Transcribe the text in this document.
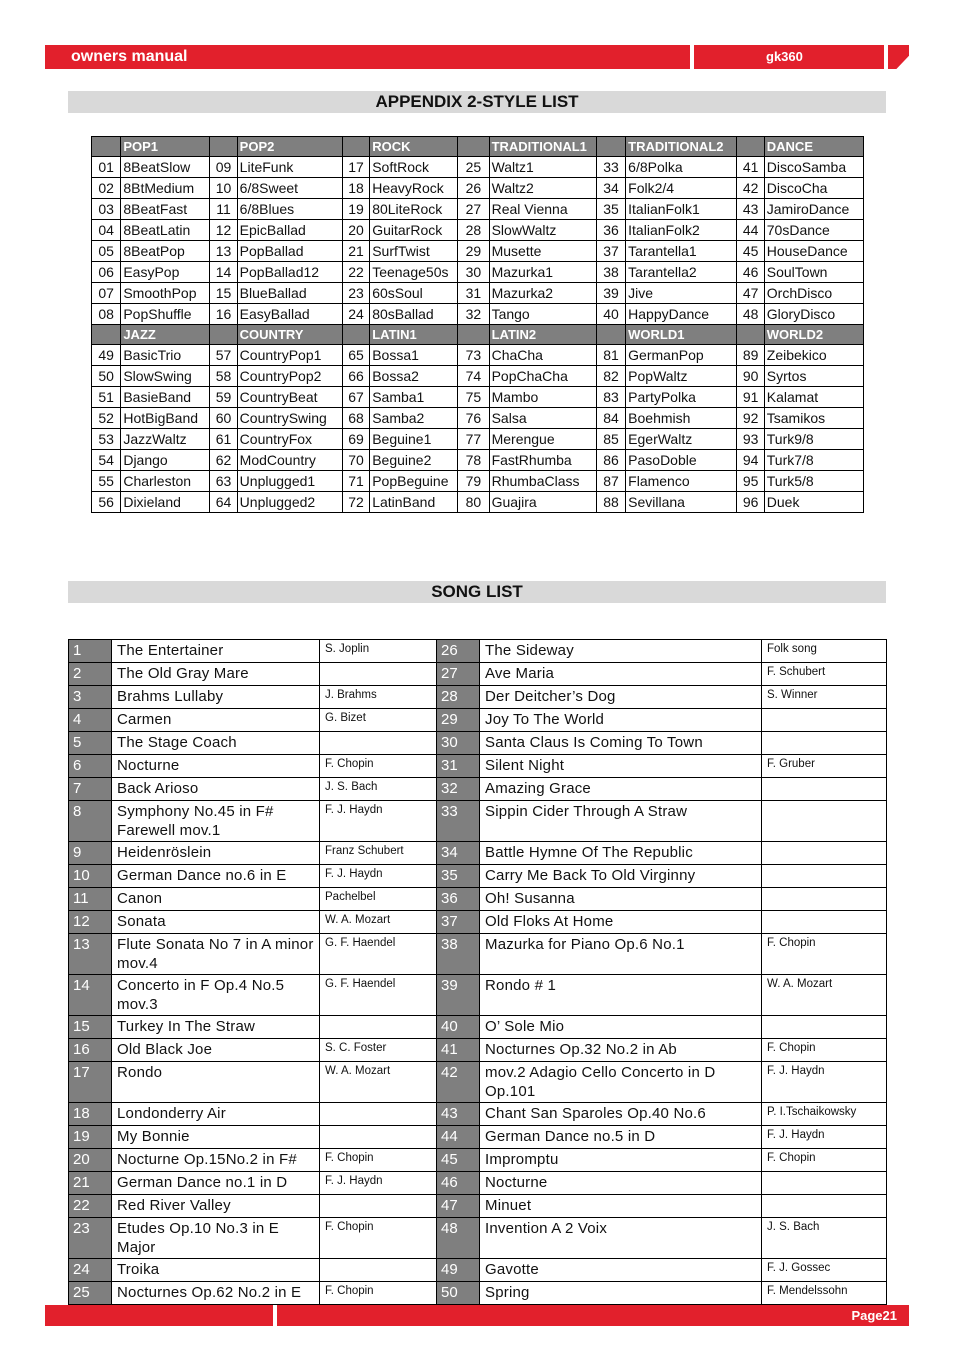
owners manual	gk360
APPENDIX 2-STYLE LIST
	POP1		POP2		ROCK		TRADITIONAL1		TRADITIONAL2		DANCE
01	8BeatSlow	09	LiteFunk	17	SoftRock	25	Waltz1	33	6/8Polka	41	DiscoSamba
02	8BtMedium	10	6/8Sweet	18	HeavyRock	26	Waltz2	34	Folk2/4	42	DiscoCha
03	8BeatFast	11	6/8Blues	19	80LiteRock	27	Real Vienna	35	ItalianFolk1	43	JamiroDance
04	8BeatLatin	12	EpicBallad	20	GuitarRock	28	SlowWaltz	36	ItalianFolk2	44	70sDance
05	8BeatPop	13	PopBallad	21	SurfTwist	29	Musette	37	Tarantella1	45	HouseDance
06	EasyPop	14	PopBallad12	22	Teenage50s	30	Mazurka1	38	Tarantella2	46	SoulTown
07	SmoothPop	15	BlueBallad	23	60sSoul	31	Mazurka2	39	Jive	47	OrchDisco
08	PopShuffle	16	EasyBallad	24	80sBallad	32	Tango	40	HappyDance	48	GloryDisco
	JAZZ		COUNTRY		LATIN1		LATIN2		WORLD1		WORLD2
49	BasicTrio	57	CountryPop1	65	Bossa1	73	ChaCha	81	GermanPop	89	Zeibekico
50	SlowSwing	58	CountryPop2	66	Bossa2	74	PopChaCha	82	PopWaltz	90	Syrtos
51	BasieBand	59	CountryBeat	67	Samba1	75	Mambo	83	PartyPolka	91	Kalamat
52	HotBigBand	60	CountrySwing	68	Samba2	76	Salsa	84	Boehmish	92	Tsamikos
53	JazzWaltz	61	CountryFox	69	Beguine1	77	Merengue	85	EgerWaltz	93	Turk9/8
54	Django	62	ModCountry	70	Beguine2	78	FastRhumba	86	PasoDoble	94	Turk7/8
55	Charleston	63	Unplugged1	71	PopBeguine	79	RhumbaClass	87	Flamenco	95	Turk5/8
56	Dixieland	64	Unplugged2	72	LatinBand	80	Guajira	88	Sevillana	96	Duek
SONG LIST
1	The Entertainer	S. Joplin	26	The Sideway	Folk song
2	The Old Gray Mare		27	Ave Maria	F. Schubert
3	Brahms Lullaby	J. Brahms	28	Der Deitcher’s Dog	S. Winner
4	Carmen	G. Bizet	29	Joy To The World	
5	The Stage Coach		30	Santa Claus Is Coming To Town	
6	Nocturne	F. Chopin	31	Silent Night	F. Gruber
7	Back Arioso	J. S. Bach	32	Amazing Grace	
8	Symphony No.45 in F# Farewell mov.1	F. J. Haydn	33	Sippin Cider Through A Straw	
9	Heidenröslein	Franz Schubert	34	Battle Hymne Of The Republic	
10	German Dance no.6 in E	F. J. Haydn	35	Carry Me Back To Old Virginny	
11	Canon	Pachelbel	36	Oh! Susanna	
12	Sonata	W. A. Mozart	37	Old Floks At Home	
13	Flute Sonata No 7 in A minor mov.4	G. F. Haendel	38	Mazurka for Piano Op.6 No.1	F. Chopin
14	Concerto in F Op.4 No.5 mov.3	G. F. Haendel	39	Rondo # 1	W. A. Mozart
15	Turkey In The Straw		40	O’ Sole Mio	
16	Old Black Joe	S. C. Foster	41	Nocturnes Op.32 No.2 in Ab	F. Chopin
17	Rondo	W. A. Mozart	42	mov.2 Adagio Cello Concerto in D Op.101	F. J. Haydn
18	Londonderry Air		43	Chant San Sparoles Op.40 No.6	P. I.Tschaikowsky
19	My Bonnie		44	German Dance no.5 in D	F. J. Haydn
20	Nocturne Op.15No.2 in F#	F. Chopin	45	Impromptu	F. Chopin
21	German Dance no.1 in D	F. J. Haydn	46	Nocturne	
22	Red River Valley		47	Minuet	
23	Etudes Op.10 No.3 in E Major	F. Chopin	48	Invention A 2 Voix	J. S. Bach
24	Troika		49	Gavotte	F. J. Gossec
25	Nocturnes Op.62 No.2 in E	F. Chopin	50	Spring	F. Mendelssohn
Page21
